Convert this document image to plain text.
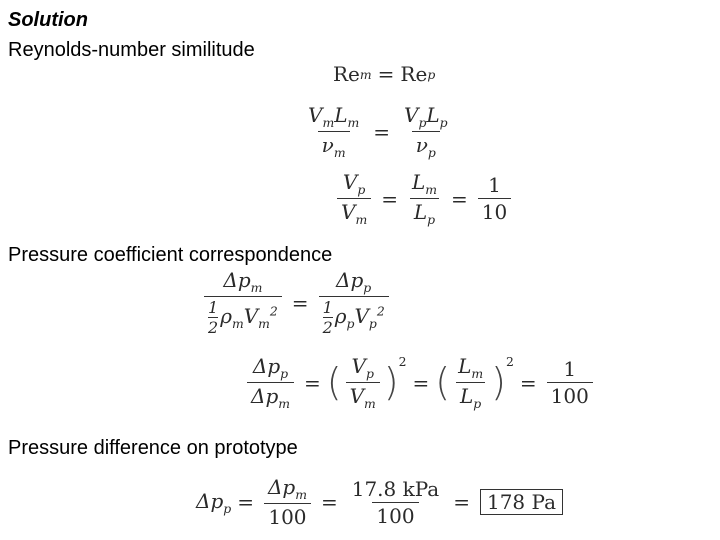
Solution
Reynolds-number similitude
Re m = Re p
$\frac{V_mL_m}{\nu_m} = \frac{V_pL_p}{\nu_p}$
$\frac{V_p}{V_m} = \frac{L_m}{L_p} = \frac{1}{10}$
Pressure coefficient correspondence
$\frac{\Delta p_m}{\frac{1}{2} \rho_mV_m^2} = \frac{\Delta p_p}{\frac{1}{2} \rho_pV_p^2}$
$\frac{\Delta p_p}{\Delta p_m}$ = ( $\frac{V_p}{V_m} )^2$
= ( $\frac{L_m}{L_p} )^2$
= $\frac{1}{100}$
Pressure difference on prototype
$\Delta p_p = \frac{\Delta p_m}{100} = \frac{\text{17.8 kPa}}{100} = 178$ Pa
